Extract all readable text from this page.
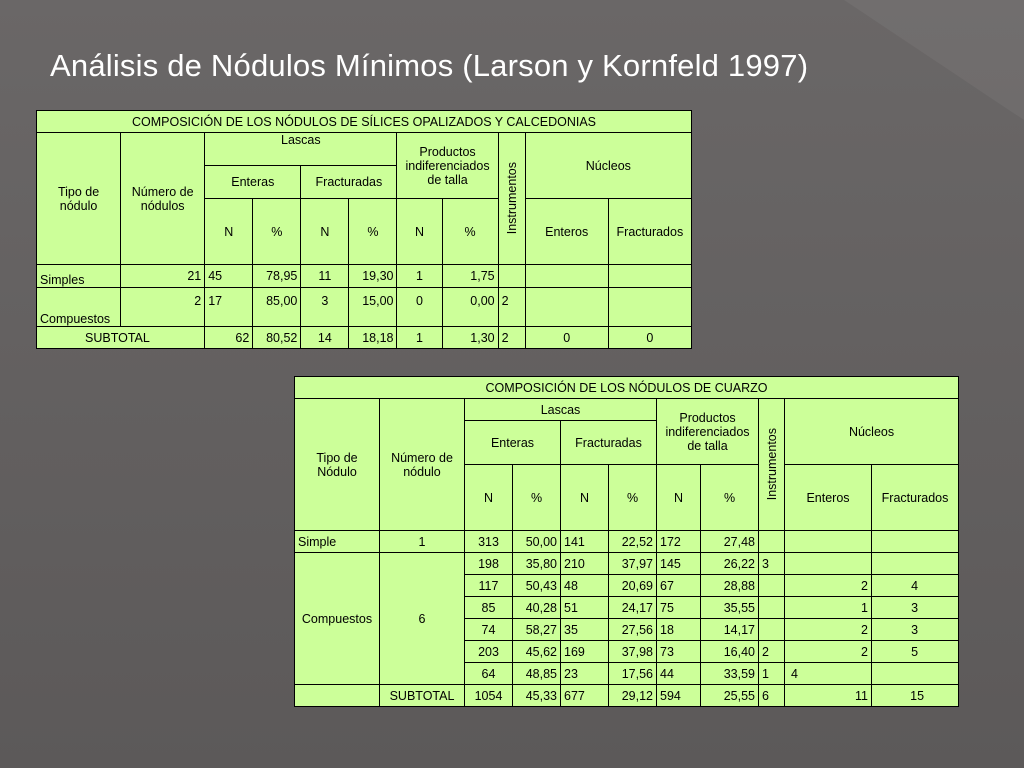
Análisis de Nódulos Mínimos (Larson y Kornfeld 1997)
COMPOSICIÓN DE LOS NÓDULOS DE SÍLICES OPALIZADOS Y CALCEDONIAS										
Tipo de nódulo	Número de nódulos	Lascas				Productos indiferenciados de talla		Instrumentos	Núcleos	
		Enteras		Fracturadas						
		N	%	N	%	N	%		Enteros	Fracturados
Simples	21	45	78,95	11	19,30	1	1,75			
Compuestos	2	17	85,00	3	15,00	0	0,00	2		
SUBTOTAL		62	80,52	14	18,18	1	1,30	2	0	0
COMPOSICIÓN DE LOS NÓDULOS DE CUARZO										
Tipo de Nódulo	Número de nódulo	Lascas				Productos indiferenciados de talla		Instrumentos	Núcleos	
		Enteras		Fracturadas						
		N	%	N	%	N	%		Enteros	Fracturados
Simple	1	313	50,00	141	22,52	172	27,48			
Compuestos	6	198	35,80	210	37,97	145	26,22	3		
		117	50,43	48	20,69	67	28,88		2	4
		85	40,28	51	24,17	75	35,55		1	3
		74	58,27	35	27,56	18	14,17		2	3
		203	45,62	169	37,98	73	16,40	2	2	5
		64	48,85	23	17,56	44	33,59	1	4	
	SUBTOTAL	1054	45,33	677	29,12	594	25,55	6	11	15
